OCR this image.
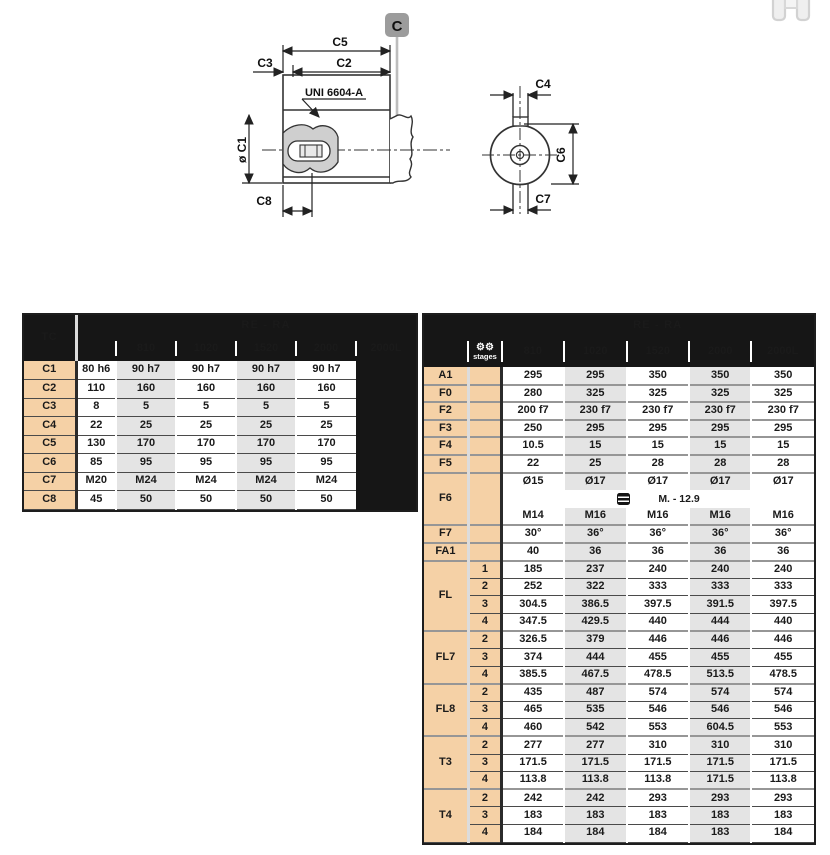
C
UNI 6604-A
C5
C3	C2
ø C1
C8
C4
C6
C7
TC		RE - RA				
		810	1020	1520	2000	2000L
C1	80 h6	90 h7	90 h7	90 h7	90 h7	
C2	110	160	160	160	160	
C3	8	5	5	5	5	
C4	22	25	25	25	25	
C5	130	170	170	170	170	
C6	85	95	95	95	95	
C7	M20	M24	M24	M24	M24	
C8	45	50	50	50	50	
		RE - RA				

	⚙⚙
stages	810	1020	1520	2000	2000L
A1		295	295	350	350	350
F0		280	325	325	325	325
F2		200 f7	230 f7	230 f7	230 f7	230 f7
F3		250	295	295	295	295
F4		10.5	15	15	15	15
F5		22	25	28	28	28
F6		Ø15	Ø17	Ø17	Ø17	Ø17

		M. - 12.9				

		M14	M16	M16	M16	M16
F7		30°	36°	36°	36°	36°
FA1		40	36	36	36	36
FL	1	185	237	240	240	240
	2	252	322	333	333	333
	3	304.5	386.5	397.5	391.5	397.5
	4	347.5	429.5	440	444	440
FL7	2	326.5	379	446	446	446
	3	374	444	455	455	455
	4	385.5	467.5	478.5	513.5	478.5
FL8	2	435	487	574	574	574
	3	465	535	546	546	546
	4	460	542	553	604.5	553
T3	2	277	277	310	310	310
	3	171.5	171.5	171.5	171.5	171.5
	4	113.8	113.8	113.8	171.5	113.8
T4	2	242	242	293	293	293
	3	183	183	183	183	183
	4	184	184	184	183	184
